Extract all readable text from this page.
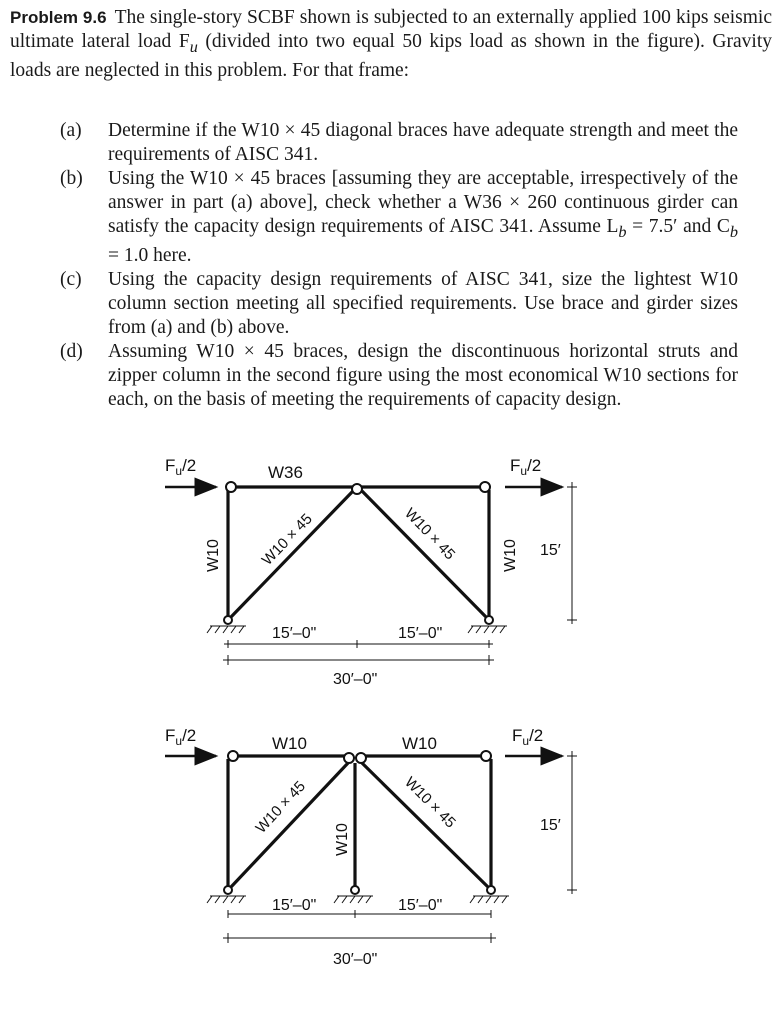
Problem 9.6 The single-story SCBF shown is subjected to an externally applied 100 kips seismic ultimate lateral load $F_u$ (divided into two equal 50 kips load as shown in the figure). Gravity loads are neglected in this problem. For that frame:

(a) Determine if the W10 × 45 diagonal braces have adequate strength and meet the requirements of AISC 341.
(b) Using the W10 × 45 braces [assuming they are acceptable, irrespectively of the answer in part (a) above], check whether a W36 × 260 continuous girder can satisfy the capacity design requirements of AISC 341. Assume $L_b = 7.5'$ and $C_b = 1.0$ here.
(c) Using the capacity design requirements of AISC 341, size the lightest W10 column section meeting all specified requirements. Use brace and girder sizes from (a) and (b) above.
(d) Assuming W10 × 45 braces, design the discontinuous horizontal struts and zipper column in the second figure using the most economical W10 sections for each, on the basis of meeting the requirements of capacity design.
$F_u/2$	$F_u/2$
W36
W10	W10
W10 × 45	W10 × 45
15′–0"	15′–0"
30′–0"
15′
$F_u/2$	$F_u/2$
W10	W10
W10
W10 × 45	W10 × 45
15′–0"	15′–0"
30′–0"
15′
